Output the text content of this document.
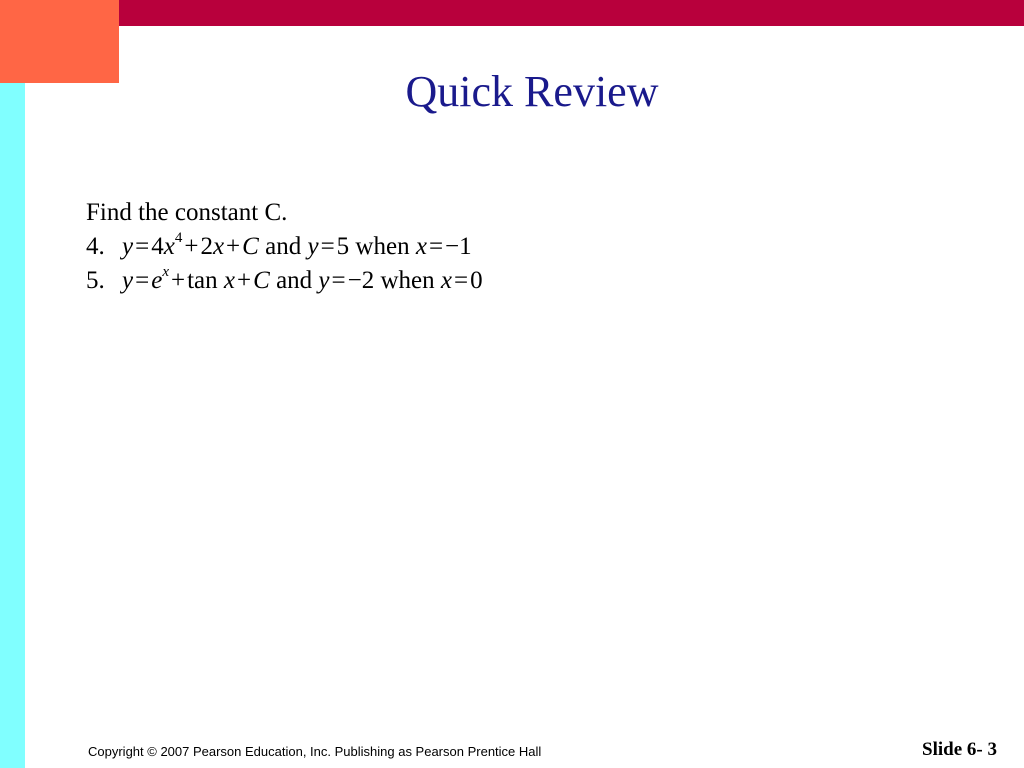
Quick Review
Find the constant C.
4. $y=4x^4+2x+C$ and y=5 when x=−1
5. $y=e^x+\tan$ x+C and y=−2 when x=0
Copyright © 2007 Pearson Education, Inc. Publishing as Pearson Prentice Hall	Slide 6- 3
